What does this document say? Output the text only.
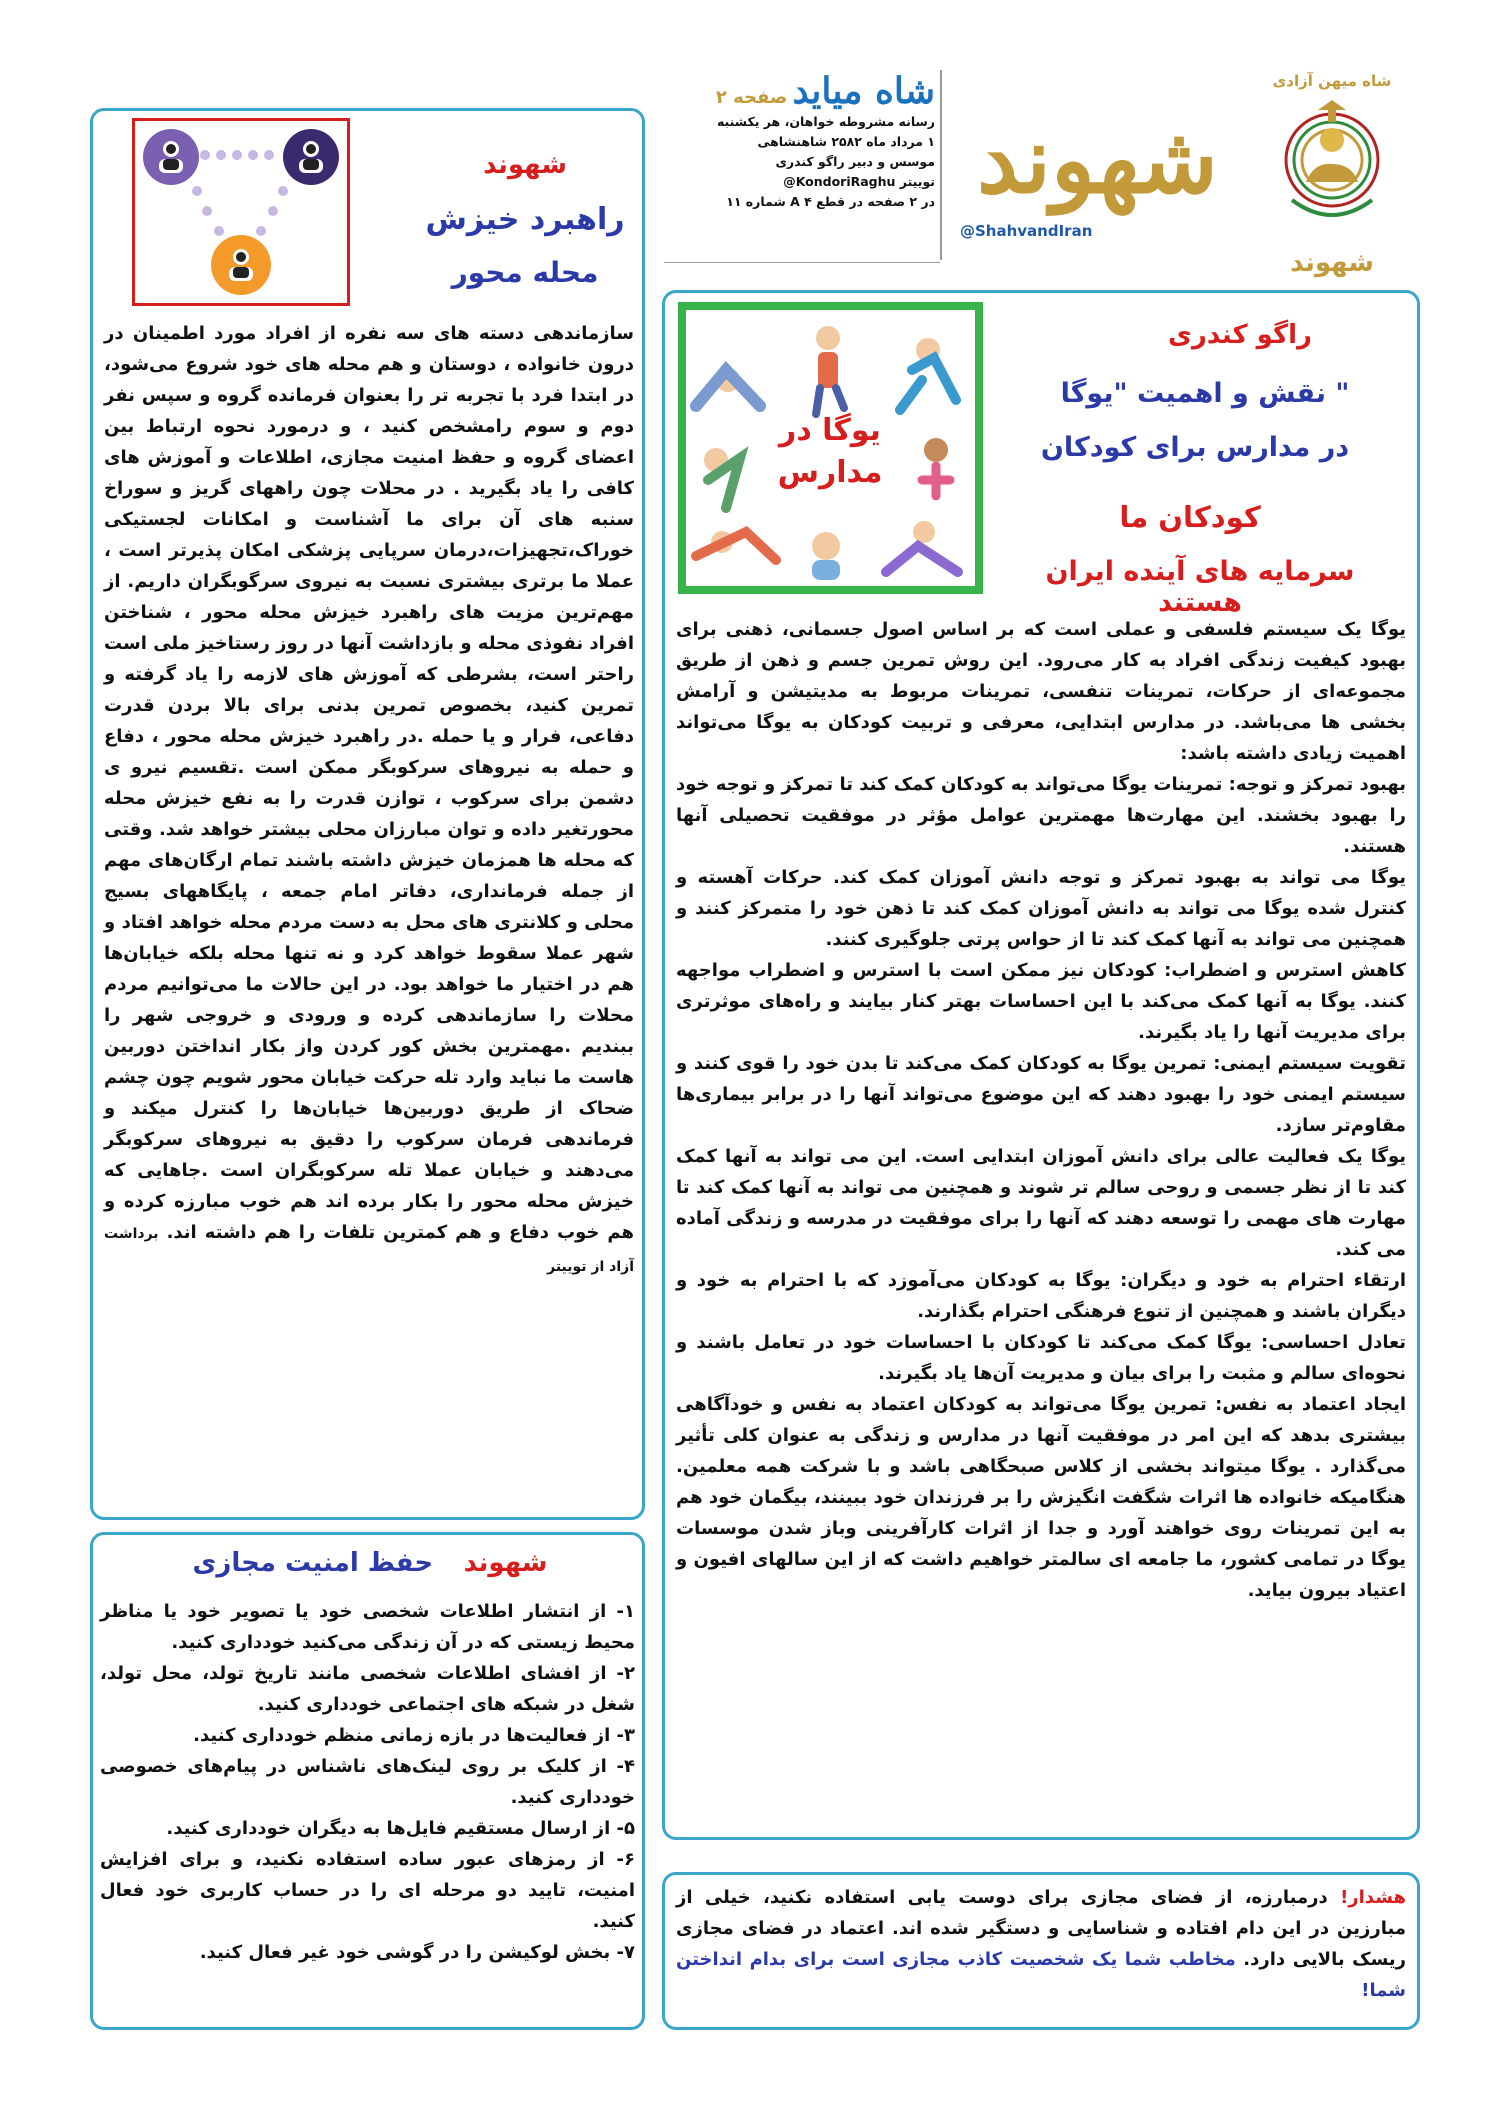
شاه میهن آزادی
شهوند
شهوند
@ShahvandIran
شاه میاید صفحه ۲
رسانه مشروطه خواهان، هر یکشنبه
۱ مرداد ماه ۲۵۸۲ شاهنشاهی
موسس و دبیر راگو کندری
توییتر KondoriRaghu@
در ۲ صفحه در قطع ۴ A شماره ۱۱
شهوند
راهبرد خیزش
محله محور
سازماندهی دسته های سه نفره از افراد مورد اطمینان در درون خانواده ، دوستان و هم محله های خود شروع می‌شود، در ابتدا فرد با تجربه تر را بعنوان فرمانده گروه و سپس نفر دوم و سوم رامشخص کنید ، و درمورد نحوه ارتباط بین اعضای گروه و حفظ امنیت مجازی، اطلاعات و آموزش های کافی را یاد بگیرید . در محلات چون راههای گریز و سوراخ سنبه های آن برای ما آشناست و امکانات لجستیکی خوراک،تجهیزات،درمان سرپایی پزشکی امکان پذیرتر است ، عملا ما برتری بیشتری نسبت به نیروی سرگوبگران داریم. از مهم‌ترین مزیت های راهبرد خیزش محله محور ، شناختن افراد نفوذی محله و بازداشت آنها در روز رستاخیز ملی است راحتر است، بشرطی که آموزش های لازمه را یاد گرفته و تمرین کنید، بخصوص تمرین بدنی برای بالا بردن قدرت دفاعی، فرار و یا حمله .در راهبرد خیزش محله محور ، دفاع و حمله به نیروهای سرکوبگر ممکن است .تقسیم نیرو ی دشمن برای سرکوب ، توازن قدرت را به نفع خیزش محله محورتغیر داده و توان مبارزان محلی بیشتر خواهد شد. وقتی که محله ها همزمان خیزش داشته باشند تمام ارگان‌های مهم از جمله فرمانداری، دفاتر امام جمعه ، پایگاههای بسیج محلی و کلانتری های محل به دست مردم محله خواهد افتاد و شهر عملا سقوط خواهد کرد و نه تنها محله بلکه خیابان‌ها هم در اختیار ما خواهد بود. در این حالات ما می‌توانیم مردم محلات را سازماندهی کرده و ورودی و خروجی شهر را ببندیم .مهمترین بخش کور کردن واز بکار انداختن دوربین هاست ما نباید وارد تله حرکت خیابان محور شویم چون چشم ضحاک از طریق دوربین‌ها خیابان‌ها را کنترل میکند و فرماندهی فرمان سرکوب را دقیق به نیروهای سرکوبگر می‌دهند و خیابان عملا تله سرکوبگران است .جاهایی که خیزش محله محور را بکار برده اند هم خوب مبارزه کرده و هم خوب دفاع و هم کمترین تلفات را هم داشته اند. برداشت آزاد از توییتر
یوگا در
مدارس
راگو کندری
نقش و اهمیت "یوگا "
در مدارس برای کودکان
کودکان ما
سرمایه های آینده ایران هستند

یوگا یک سیستم فلسفی و عملی است که بر اساس اصول جسمانی، ذهنی برای بهبود کیفیت زندگی افراد به کار می‌رود. این روش تمرین جسم و ذهن از طریق مجموعه‌ای از حرکات، تمرینات تنفسی، تمرینات مربوط به مدیتیشن و آرامش بخشی ها می‌باشد. در مدارس ابتدایی، معرفی و تربیت کودکان به یوگا می‌تواند اهمیت زیادی داشته باشد:

بهبود تمرکز و توجه: تمرینات یوگا می‌تواند به کودکان کمک کند تا تمرکز و توجه خود را بهبود بخشند. این مهارت‌ها مهمترین عوامل مؤثر در موفقیت تحصیلی آنها هستند.

یوگا می تواند به بهبود تمرکز و توجه دانش آموزان کمک کند. حرکات آهسته و کنترل شده یوگا می تواند به دانش آموزان کمک کند تا ذهن خود را متمرکز کنند و همچنین می تواند به آنها کمک کند تا از حواس پرتی جلوگیری کنند.

کاهش استرس و اضطراب: کودکان نیز ممکن است با استرس و اضطراب مواجهه کنند. یوگا به آنها کمک می‌کند با این احساسات بهتر کنار بیایند و راه‌های موثرتری برای مدیریت آنها را یاد بگیرند.

تقویت سیستم ایمنی: تمرین یوگا به کودکان کمک می‌کند تا بدن خود را قوی کنند و سیستم ایمنی خود را بهبود دهند که این موضوع می‌تواند آنها را در برابر بیماری‌ها مقاوم‌تر سازد.

یوگا یک فعالیت عالی برای دانش آموزان ابتدایی است. این می تواند به آنها کمک کند تا از نظر جسمی و روحی سالم تر شوند و همچنین می تواند به آنها کمک کند تا مهارت های مهمی را توسعه دهند که آنها را برای موفقیت در مدرسه و زندگی آماده می کند.

ارتقاء احترام به خود و دیگران: یوگا به کودکان می‌آموزد که با احترام به خود و دیگران باشند و همچنین از تنوع فرهنگی احترام بگذارند.

تعادل احساسی: یوگا کمک می‌کند تا کودکان با احساسات خود در تعامل باشند و نحوه‌ای سالم و مثبت را برای بیان و مدیریت آن‌ها یاد بگیرند.

ایجاد اعتماد به نفس: تمرین یوگا می‌تواند به کودکان اعتماد به نفس و خودآگاهی بیشتری بدهد که این امر در موفقیت آنها در مدارس و زندگی به عنوان کلی تأثیر می‌گذارد . یوگا میتواند بخشی از کلاس صبحگاهی باشد و با شرکت همه معلمین. هنگامیکه خانواده ها اثرات شگفت انگیزش را بر فرزندان خود ببینند، بیگمان خود هم به این تمرینات روی خواهند آورد و جدا از اثرات کارآفرینی وباز شدن موسسات یوگا در تمامی کشور، ما جامعه ای سالمتر خواهیم داشت که از این سالهای افیون و اعتیاد بیرون بیاید.

شهوند      حفظ امنیت مجازی

۱- از انتشار اطلاعات شخصی خود یا تصویر خود یا مناظر محیط زیستی که در آن زندگی می‌کنید خودداری کنید.

۲- از افشای اطلاعات شخصی مانند تاریخ تولد، محل تولد، شغل در شبکه های اجتماعی خودداری کنید.

۳- از فعالیت‌ها در بازه زمانی منظم خودداری کنید.

۴- از کلیک بر روی لینک‌های ناشناس در پیام‌های خصوصی خودداری کنید.

۵- از ارسال مستقیم فایل‌ها به دیگران خودداری کنید.

۶- از رمزهای عبور ساده استفاده نکنید، و برای افزایش امنیت، تایید دو مرحله ای را در حساب کاربری خود فعال کنید.

۷- بخش لوکیشن را در گوشی خود غیر فعال کنید.

هشدار! درمبارزه، از فضای مجازی برای دوست یابی استفاده نکنید، خیلی از مبارزین در این دام افتاده و شناسایی و دستگیر شده اند. اعتماد در فضای مجازی ریسک بالایی دارد. مخاطب شما یک شخصیت کاذب مجازی است برای بدام انداختن شما!
